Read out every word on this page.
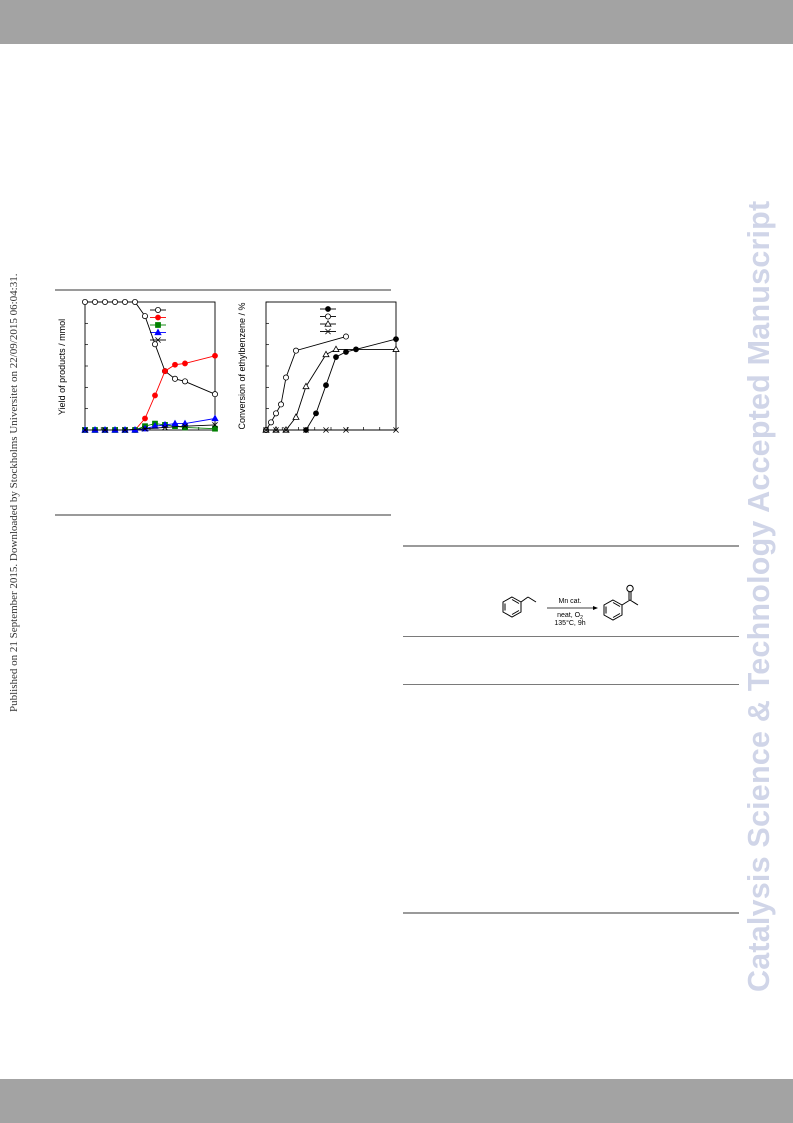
Published on 21 September 2015. Downloaded by Stockholms Universitet on 22/09/2015 06:04:31.	Catalysis Science & Technology Accepted Manuscript
Yield of products / mmol	Conversion of ethylbenzene / %
Mn cat.
neat, $O_2$
135°C, 9h
